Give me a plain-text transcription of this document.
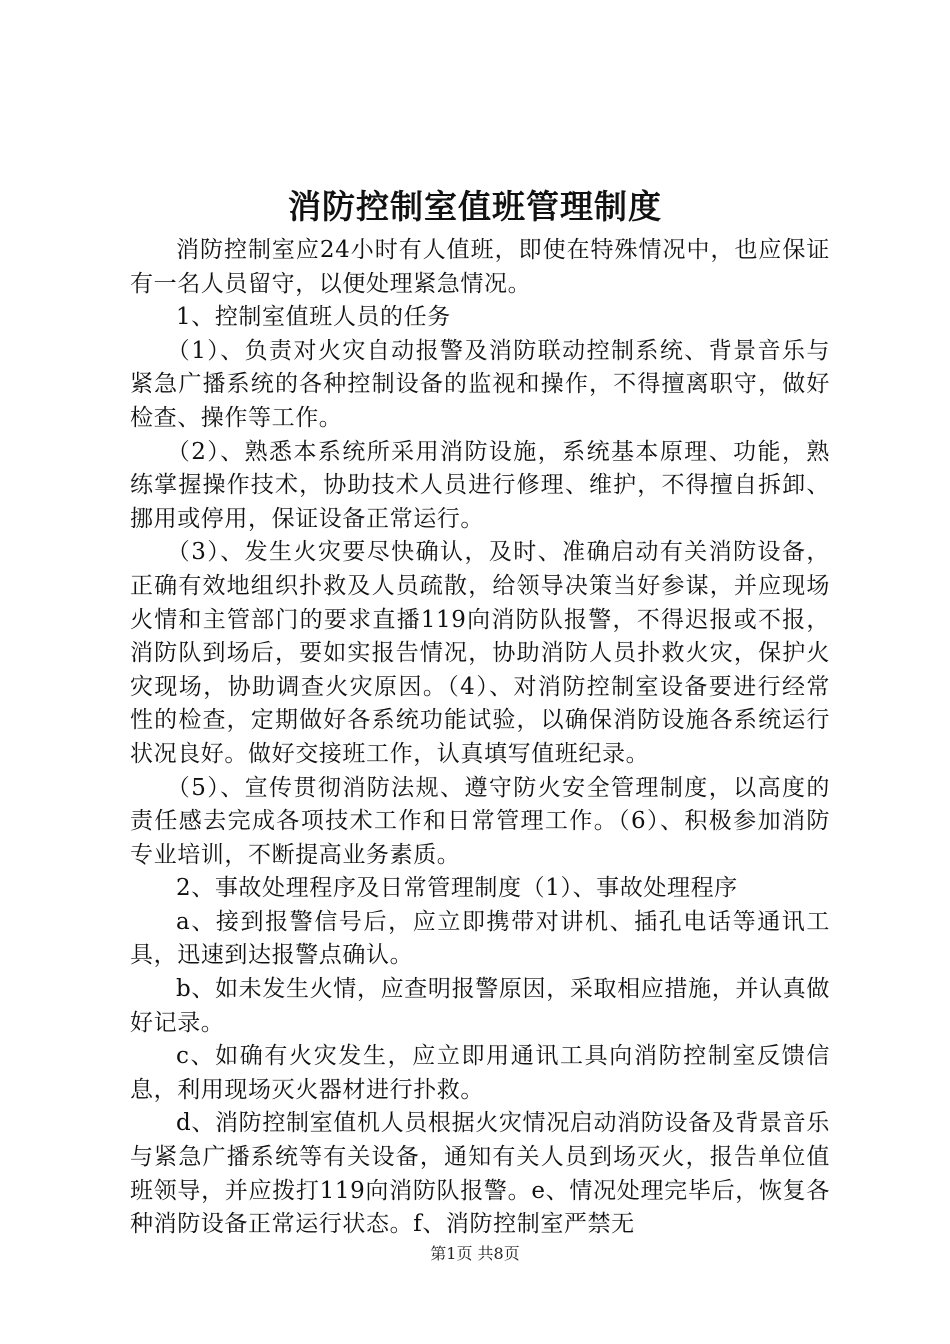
消防控制室值班管理制度

消防控制室应24小时有人值班，即使在特殊情况中，也应保证有一名人员留守，以便处理紧急情况。

1、控制室值班人员的任务

（1）、负责对火灾自动报警及消防联动控制系统、背景音乐与紧急广播系统的各种控制设备的监视和操作，不得擅离职守，做好检查、操作等工作。

（2）、熟悉本系统所采用消防设施，系统基本原理、功能，熟练掌握操作技术，协助技术人员进行修理、维护，不得擅自拆卸、挪用或停用，保证设备正常运行。

（3）、发生火灾要尽快确认，及时、准确启动有关消防设备，正确有效地组织扑救及人员疏散，给领导决策当好参谋，并应现场火情和主管部门的要求直播119向消防队报警，不得迟报或不报，消防队到场后，要如实报告情况，协助消防人员扑救火灾，保护火灾现场，协助调查火灾原因。（4）、对消防控制室设备要进行经常性的检查，定期做好各系统功能试验，以确保消防设施各系统运行状况良好。做好交接班工作，认真填写值班纪录。

（5）、宣传贯彻消防法规、遵守防火安全管理制度，以高度的责任感去完成各项技术工作和日常管理工作。（6）、积极参加消防专业培训，不断提高业务素质。

2、事故处理程序及日常管理制度（1）、事故处理程序

a、接到报警信号后，应立即携带对讲机、插孔电话等通讯工具，迅速到达报警点确认。

b、如未发生火情，应查明报警原因，采取相应措施，并认真做好记录。

c、如确有火灾发生，应立即用通讯工具向消防控制室反馈信息，利用现场灭火器材进行扑救。

d、消防控制室值机人员根据火灾情况启动消防设备及背景音乐与紧急广播系统等有关设备，通知有关人员到场灭火，报告单位值班领导，并应拨打119向消防队报警。e、情况处理完毕后，恢复各种消防设备正常运行状态。f、消防控制室严禁无

第1页 共8页
